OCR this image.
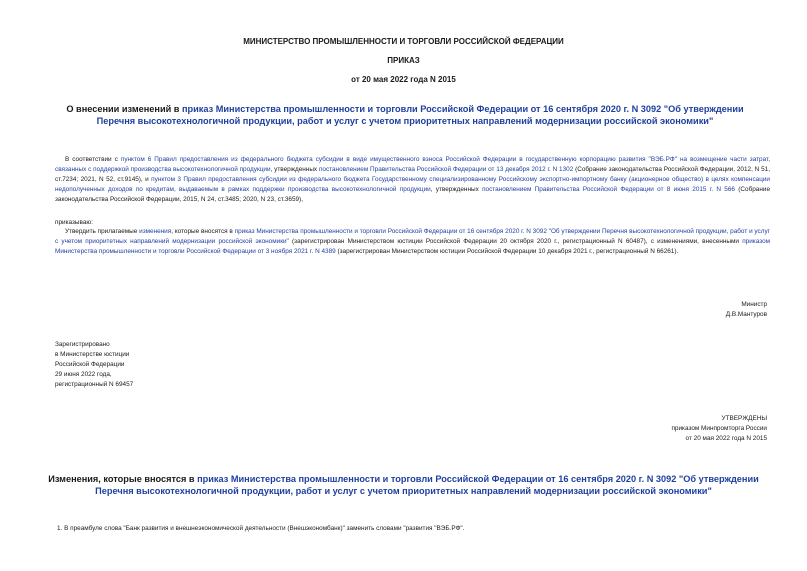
МИНИСТЕРСТВО ПРОМЫШЛЕННОСТИ И ТОРГОВЛИ РОССИЙСКОЙ ФЕДЕРАЦИИ
ПРИКАЗ
от 20 мая 2022 года N 2015
О внесении изменений в приказ Министерства промышленности и торговли Российской Федерации от 16 сентября 2020 г. N 3092 "Об утверждении Перечня высокотехнологичной продукции, работ и услуг с учетом приоритетных направлений модернизации российской экономики"
В соответствии с пунктом 6 Правил предоставления из федерального бюджета субсидии в виде имущественного взноса Российской Федерации в государственную корпорацию развития "ВЭБ.РФ" на возмещение части затрат, связанных с поддержкой производства высокотехнологичной продукции, утвержденных постановлением Правительства Российской Федерации от 13 декабря 2012 г. N 1302 (Собрание законодательства Российской Федерации, 2012, N 51, ст.7234; 2021, N 52, ст.9145), и пунктом 3 Правил предоставления субсидии из федерального бюджета Государственному специализированному Российскому экспортно-импортному банку (акционерное общество) в целях компенсации недополученных доходов по кредитам, выдаваемым в рамках поддержки производства высокотехнологичной продукции, утвержденных постановлением Правительства Российской Федерации от 8 июня 2015 г. N 566 (Собрание законодательства Российской Федерации, 2015, N 24, ст.3485; 2020, N 23, ст.3659),
приказываю:
Утвердить прилагаемые изменения, которые вносятся в приказ Министерства промышленности и торговли Российской Федерации от 16 сентября 2020 г. N 3092 "Об утверждении Перечня высокотехнологичной продукции, работ и услуг с учетом приоритетных направлений модернизации российской экономики" (зарегистрирован Министерством юстиции Российской Федерации 20 октября 2020 г., регистрационный N 60487), с изменениями, внесенными приказом Министерства промышленности и торговли Российской Федерации от 3 ноября 2021 г. N 4389 (зарегистрирован Министерством юстиции Российской Федерации 10 декабря 2021 г., регистрационный N 66261).
Министр
Д.В.Мантуров
Зарегистрировано
в Министерстве юстиции
Российской Федерации
29 июня 2022 года,
регистрационный N 69457
УТВЕРЖДЕНЫ
приказом Минпромторга России
от 20 мая 2022 года N 2015
Изменения, которые вносятся в приказ Министерства промышленности и торговли Российской Федерации от 16 сентября 2020 г. N 3092 "Об утверждении Перечня высокотехнологичной продукции, работ и услуг с учетом приоритетных направлений модернизации российской экономики"
1. В преамбуле слова "Банк развития и внешнеэкономической деятельности (Внешэкономбанк)" заменить словами "развития "ВЭБ.РФ".
